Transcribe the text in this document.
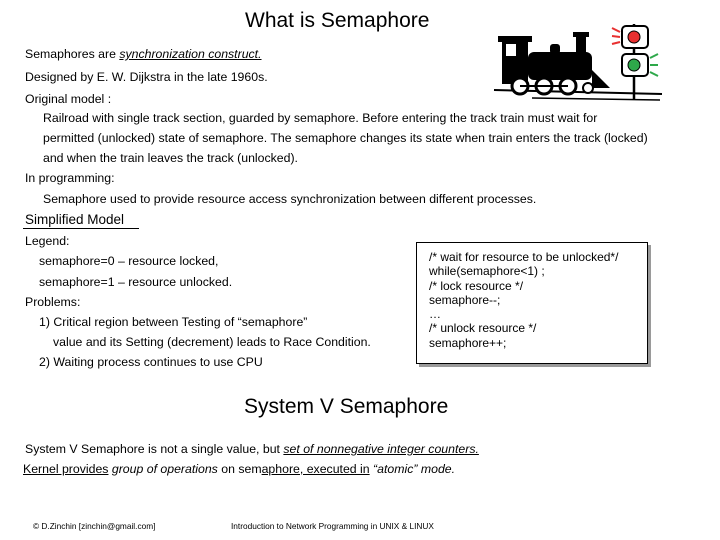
What is Semaphore
Semaphores are synchronization construct.
Designed by E. W. Dijkstra in the late 1960s.
Original model :
Railroad with single track section, guarded by semaphore. Before entering the track train must wait for
permitted (unlocked) state of semaphore. The semaphore changes its state when train enters the track (locked)
and when the train leaves the track (unlocked).
In programming:
Semaphore used to provide resource access synchronization between different processes.
Simplified Model
Legend:
semaphore=0 – resource locked,
semaphore=1 – resource unlocked.
Problems:
1) Critical region between Testing of “semaphore”
value and its Setting (decrement) leads to Race Condition.
2) Waiting process continues to use CPU
/* wait for resource to be unlocked*/
while(semaphore<1) ;
/* lock resource */
semaphore--;
…
/* unlock resource */
semaphore++;
System V Semaphore
System V Semaphore is not a single value, but set of nonnegative integer counters.
Kernel provides group of operations on semaphore, executed in “atomic” mode.
© D.Zinchin [zinchin@gmail.com]	Introduction to Network Programming in UNIX & LINUX
